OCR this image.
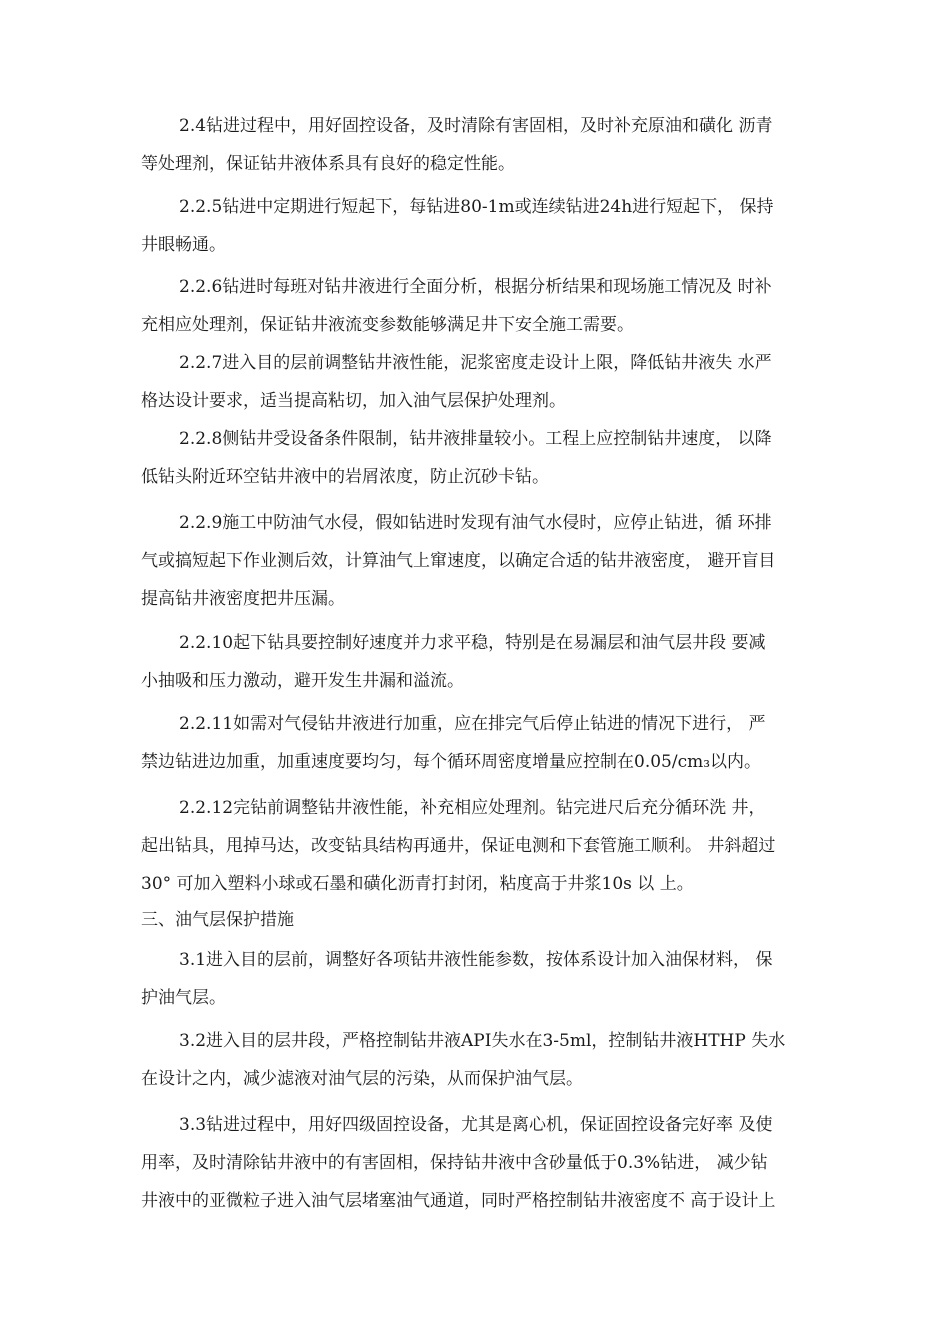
2.4钻进过程中，用好固控设备，及时清除有害固相，及时补充原油和磺化 沥青
等处理剂，保证钻井液体系具有良好的稳定性能。

2.2.5钻进中定期进行短起下，每钻进80-1m或连续钻进24h进行短起下， 保持
井眼畅通。

2.2.6钻进时每班对钻井液进行全面分析，根据分析结果和现场施工情况及 时补
充相应处理剂，保证钻井液流变参数能够满足井下安全施工需要。

2.2.7进入目的层前调整钻井液性能，泥浆密度走设计上限，降低钻井液失 水严
格达设计要求，适当提高粘切，加入油气层保护处理剂。

2.2.8侧钻井受设备条件限制，钻井液排量较小。工程上应控制钻井速度， 以降
低钻头附近环空钻井液中的岩屑浓度，防止沉砂卡钻。

2.2.9施工中防油气水侵，假如钻进时发现有油气水侵时，应停止钻进，循 环排
气或搞短起下作业测后效，计算油气上窜速度，以确定合适的钻井液密度， 避开盲目
提高钻井液密度把井压漏。

2.2.10起下钻具要控制好速度并力求平稳，特别是在易漏层和油气层井段 要减
小抽吸和压力激动，避开发生井漏和溢流。

2.2.11如需对气侵钻井液进行加重，应在排完气后停止钻进的情况下进行， 严
禁边钻进边加重，加重速度要均匀，每个循环周密度增量应控制在0.05/cm₃以内。

2.2.12完钻前调整钻井液性能，补充相应处理剂。钻完进尺后充分循环洗 井，
起出钻具，甩掉马达，改变钻具结构再通井，保证电测和下套管施工顺利。 井斜超过
30° 可加入塑料小球或石墨和磺化沥青打封闭，粘度高于井浆10s 以 上。

三、油气层保护措施

3.1进入目的层前，调整好各项钻井液性能参数，按体系设计加入油保材料， 保
护油气层。

3.2进入目的层井段，严格控制钻井液API失水在3-5ml，控制钻井液HTHP 失水
在设计之内，减少滤液对油气层的污染，从而保护油气层。

3.3钻进过程中，用好四级固控设备，尤其是离心机，保证固控设备完好率 及使
用率，及时清除钻井液中的有害固相，保持钻井液中含砂量低于0.3%钻进， 减少钻
井液中的亚微粒子进入油气层堵塞油气通道，同时严格控制钻井液密度不 高于设计上
